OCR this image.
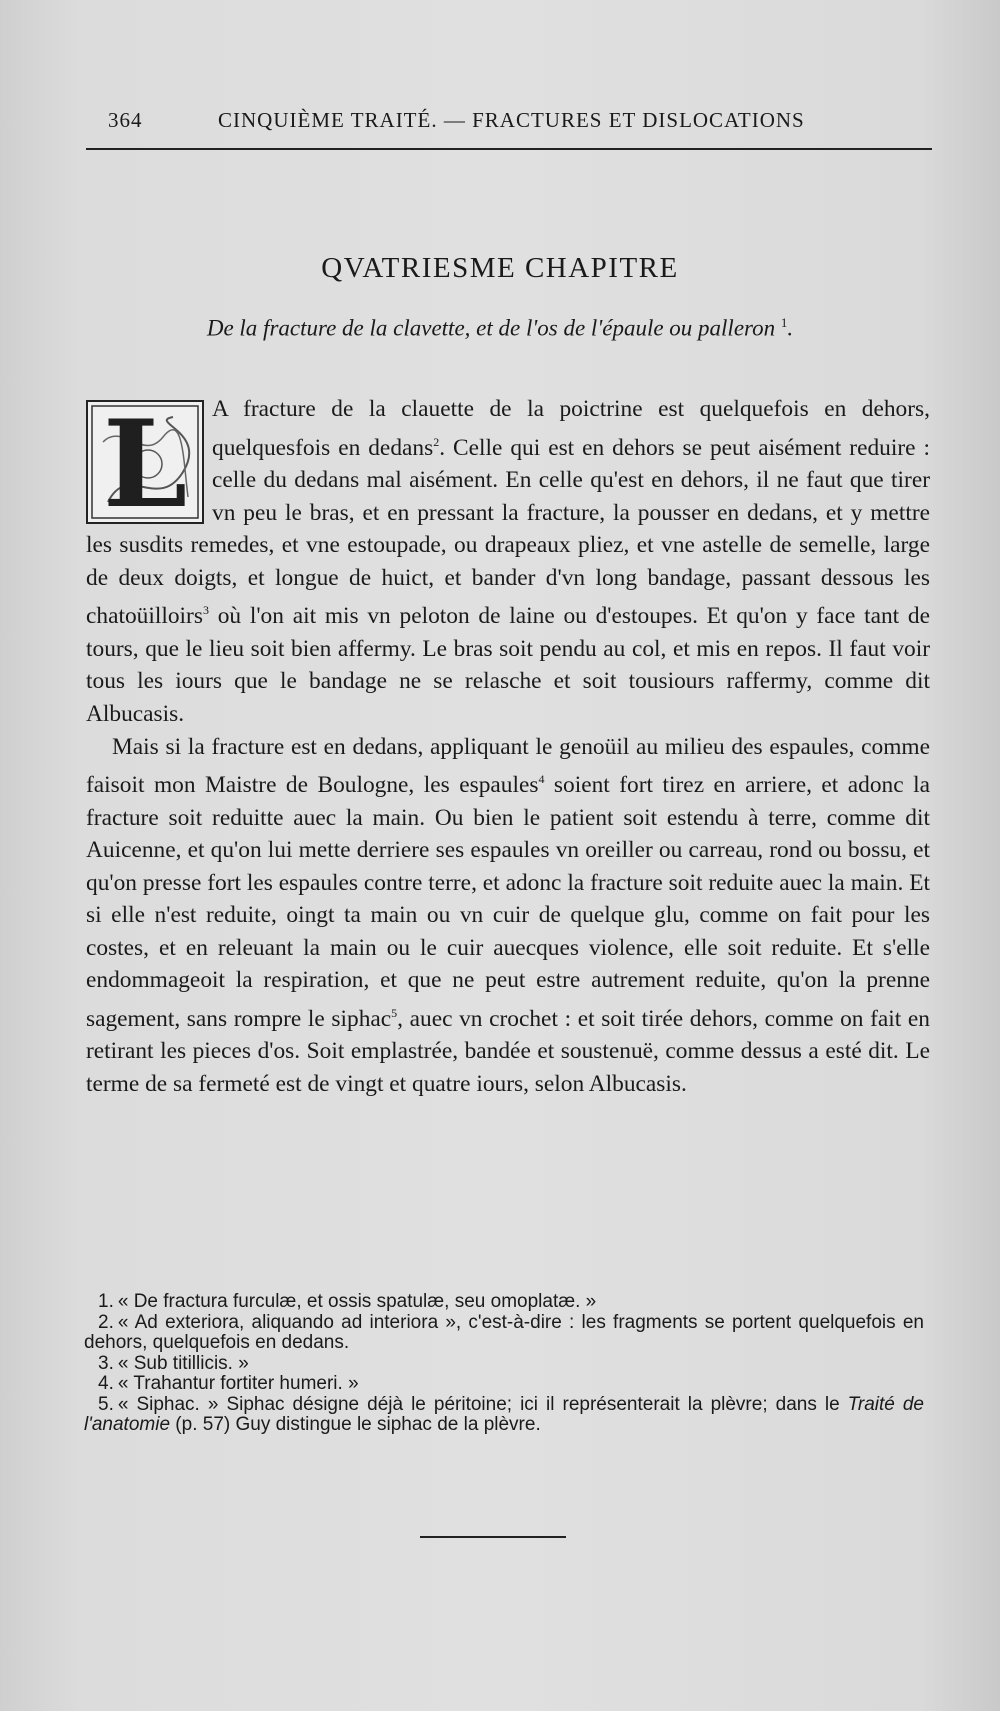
364	CINQUIÈME TRAITÉ. — FRACTURES ET DISLOCATIONS
QVATRIESME CHAPITRE
De la fracture de la clavette, et de l'os de l'épaule ou palleron $^1$.
L	A fracture de la clauette de la poictrine est quelquefois en dehors, quelquesfois en dedans$^2$. Celle qui est en dehors se peut aisément reduire : celle du dedans mal aisément. En celle qu'est en dehors, il ne faut que tirer vn peu le bras, et en pressant la fracture, la pousser en dedans, et y mettre les susdits remedes, et vne estoupade, ou drapeaux pliez, et vne astelle de semelle, large de deux doigts, et longue de huict, et bander d'vn long bandage, passant dessous les chatoüilloirs$^3$ où l'on ait mis vn peloton de laine ou d'estoupes. Et qu'on y face tant de tours, que le lieu soit bien affermy. Le bras soit pendu au col, et mis en repos. Il faut voir tous les iours que le bandage ne se relasche et soit tousiours raffermy, comme dit Albucasis.

Mais si la fracture est en dedans, appliquant le genoüil au milieu des espaules, comme faisoit mon Maistre de Boulogne, les espaules$^4$ soient fort tirez en arriere, et adonc la fracture soit reduitte auec la main. Ou bien le patient soit estendu à terre, comme dit Auicenne, et qu'on lui mette derriere ses espaules vn oreiller ou carreau, rond ou bossu, et qu'on presse fort les espaules contre terre, et adonc la fracture soit reduite auec la main. Et si elle n'est reduite, oingt ta main ou vn cuir de quelque glu, comme on fait pour les costes, et en releuant la main ou le cuir auecques violence, elle soit reduite. Et s'elle endommageoit la respiration, et que ne peut estre autrement reduite, qu'on la prenne sagement, sans rompre le siphac$^5$, auec vn crochet : et soit tirée dehors, comme on fait en retirant les pieces d'os. Soit emplastrée, bandée et soustenuë, comme dessus a esté dit. Le terme de sa fermeté est de vingt et quatre iours, selon Albucasis.

1. « De fractura furculæ, et ossis spatulæ, seu omoplatæ. »

2. « Ad exteriora, aliquando ad interiora », c'est-à-dire : les fragments se portent quelquefois en dehors, quelquefois en dedans.

3. « Sub titillicis. »

4. « Trahantur fortiter humeri. »

5. « Siphac. » Siphac désigne déjà le péritoine; ici il représenterait la plèvre; dans le Traité de l'anatomie (p. 57) Guy distingue le siphac de la plèvre.
